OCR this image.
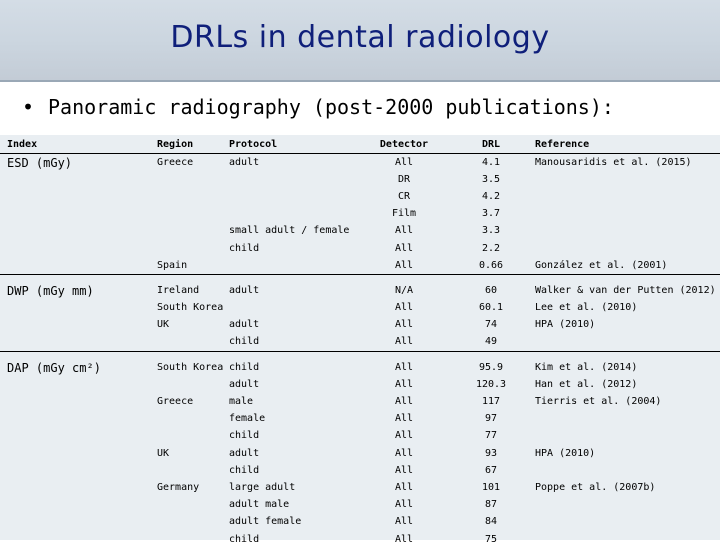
DRLs in dental radiology
• Panoramic radiography (post-2000 publications):
Index	Region	Protocol	Detector	DRL	Reference
ESD (mGy)	Greece	adult	All	4.1	Manousaridis et al. (2015)
			DR	3.5	
			CR	4.2	
			Film	3.7	
		small adult / female	All	3.3	
		child	All	2.2	
	Spain		All	0.66	González et al. (2001)
DWP (mGy mm)	Ireland	adult	N/A	60	Walker & van der Putten (2012)
	South Korea		All	60.1	Lee et al. (2010)
	UK	adult	All	74	HPA (2010)
		child	All	49	
DAP (mGy cm²)	South Korea	child	All	95.9	Kim et al. (2014)
		adult	All	120.3	Han et al. (2012)
	Greece	male	All	117	Tierris et al. (2004)
		female	All	97	
		child	All	77	
	UK	adult	All	93	HPA (2010)
		child	All	67	
	Germany	large adult	All	101	Poppe et al. (2007b)
		adult male	All	87	
		adult female	All	84	
		child	All	75	
